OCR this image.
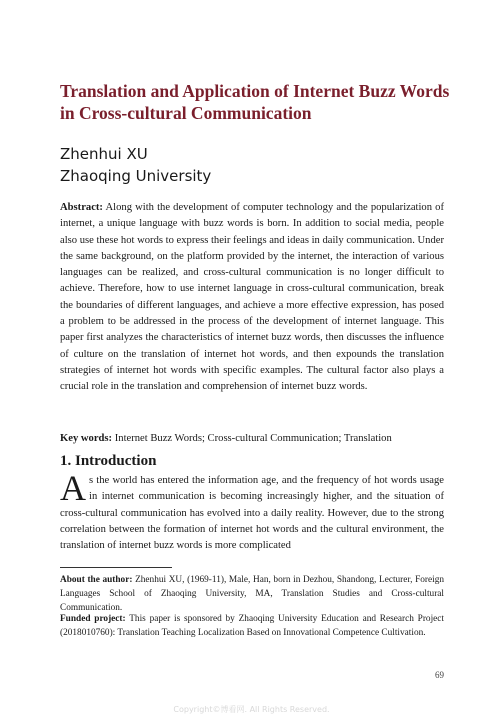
Translation and Application of Internet Buzz Words in Cross-cultural Communication
Zhenhui XU
Zhaoqing University

Abstract: Along with the development of computer technology and the popularization of internet, a unique language with buzz words is born. In addition to social media, people also use these hot words to express their feelings and ideas in daily communication. Under the same background, on the platform provided by the internet, the interaction of various languages can be realized, and cross-cultural communication is no longer difficult to achieve. Therefore, how to use internet language in cross-cultural communication, break the boundaries of different languages, and achieve a more effective expression, has posed a problem to be addressed in the process of the development of internet language. This paper first analyzes the characteristics of internet buzz words, then discusses the influence of culture on the translation of internet hot words, and then expounds the translation strategies of internet hot words with specific examples. The cultural factor also plays a crucial role in the translation and comprehension of internet buzz words.

Key words: Internet Buzz Words; Cross-cultural Communication; Translation

1. Introduction

As the world has entered the information age, and the frequency of hot words usage in internet communication is becoming increasingly higher, and the situation of cross-cultural communication has evolved into a daily reality. However, due to the strong correlation between the formation of internet hot words and the cultural environment, the translation of internet buzz words is more complicated

About the author: Zhenhui XU, (1969-11), Male, Han, born in Dezhou, Shandong, Lecturer, Foreign Languages School of Zhaoqing University, MA, Translation Studies and Cross-cultural Communication.

Funded project: This paper is sponsored by Zhaoqing University Education and Research Project (2018010760): Translation Teaching Localization Based on Innovational Competence Cultivation.

69
Copyright©博看网. All Rights Reserved.
